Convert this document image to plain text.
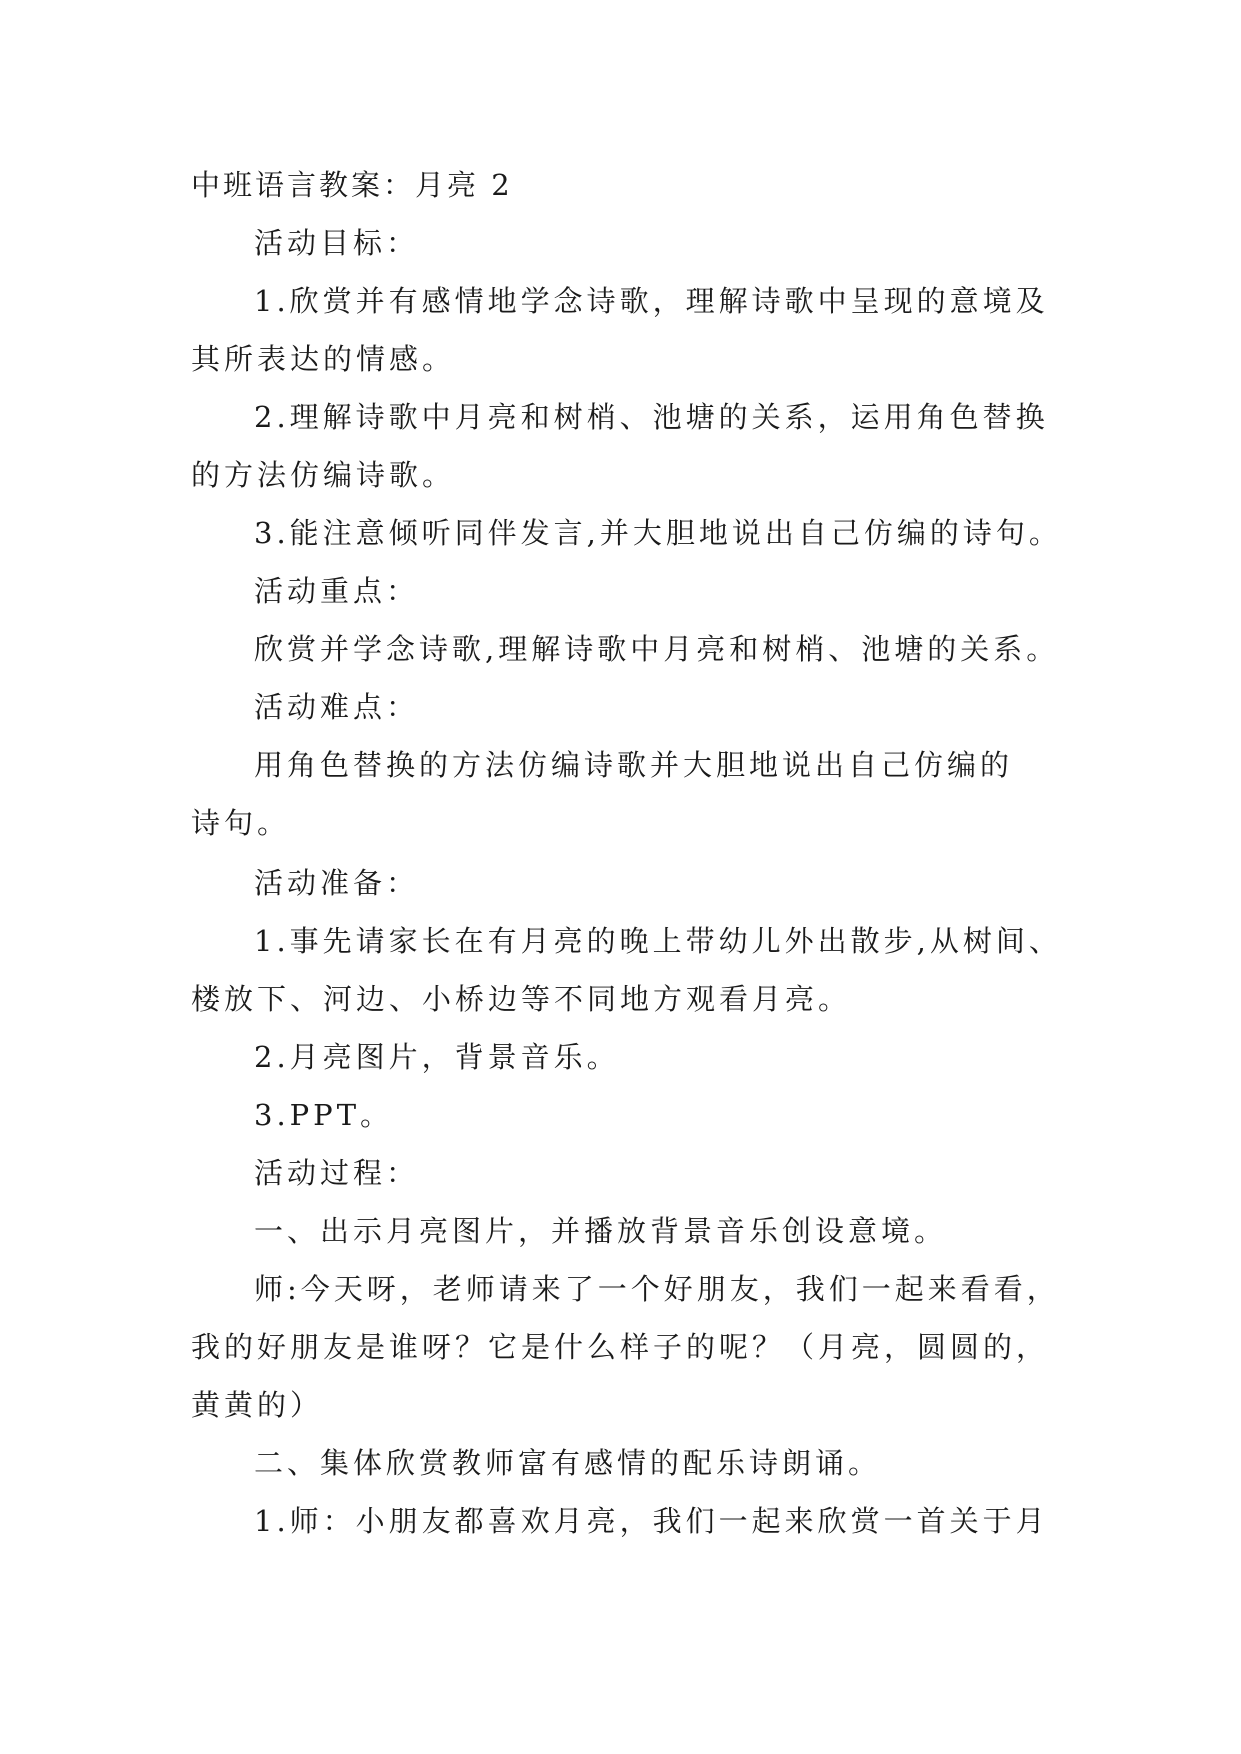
中班语言教案：月亮 2
活动目标：
1.欣赏并有感情地学念诗歌，理解诗歌中呈现的意境及
其所表达的情感。
2.理解诗歌中月亮和树梢、池塘的关系，运用角色替换
的方法仿编诗歌。
3.能注意倾听同伴发言,并大胆地说出自己仿编的诗句。
活动重点：
欣赏并学念诗歌,理解诗歌中月亮和树梢、池塘的关系。
活动难点：
用角色替换的方法仿编诗歌并大胆地说出自己仿编的
诗句。
活动准备：
1.事先请家长在有月亮的晚上带幼儿外出散步,从树间、
楼放下、河边、小桥边等不同地方观看月亮。
2.月亮图片，背景音乐。
3.PPT。
活动过程：
一、出示月亮图片，并播放背景音乐创设意境。
师:今天呀，老师请来了一个好朋友，我们一起来看看，
我的好朋友是谁呀？它是什么样子的呢？（月亮，圆圆的，
黄黄的）
二、集体欣赏教师富有感情的配乐诗朗诵。
1.师：小朋友都喜欢月亮，我们一起来欣赏一首关于月
